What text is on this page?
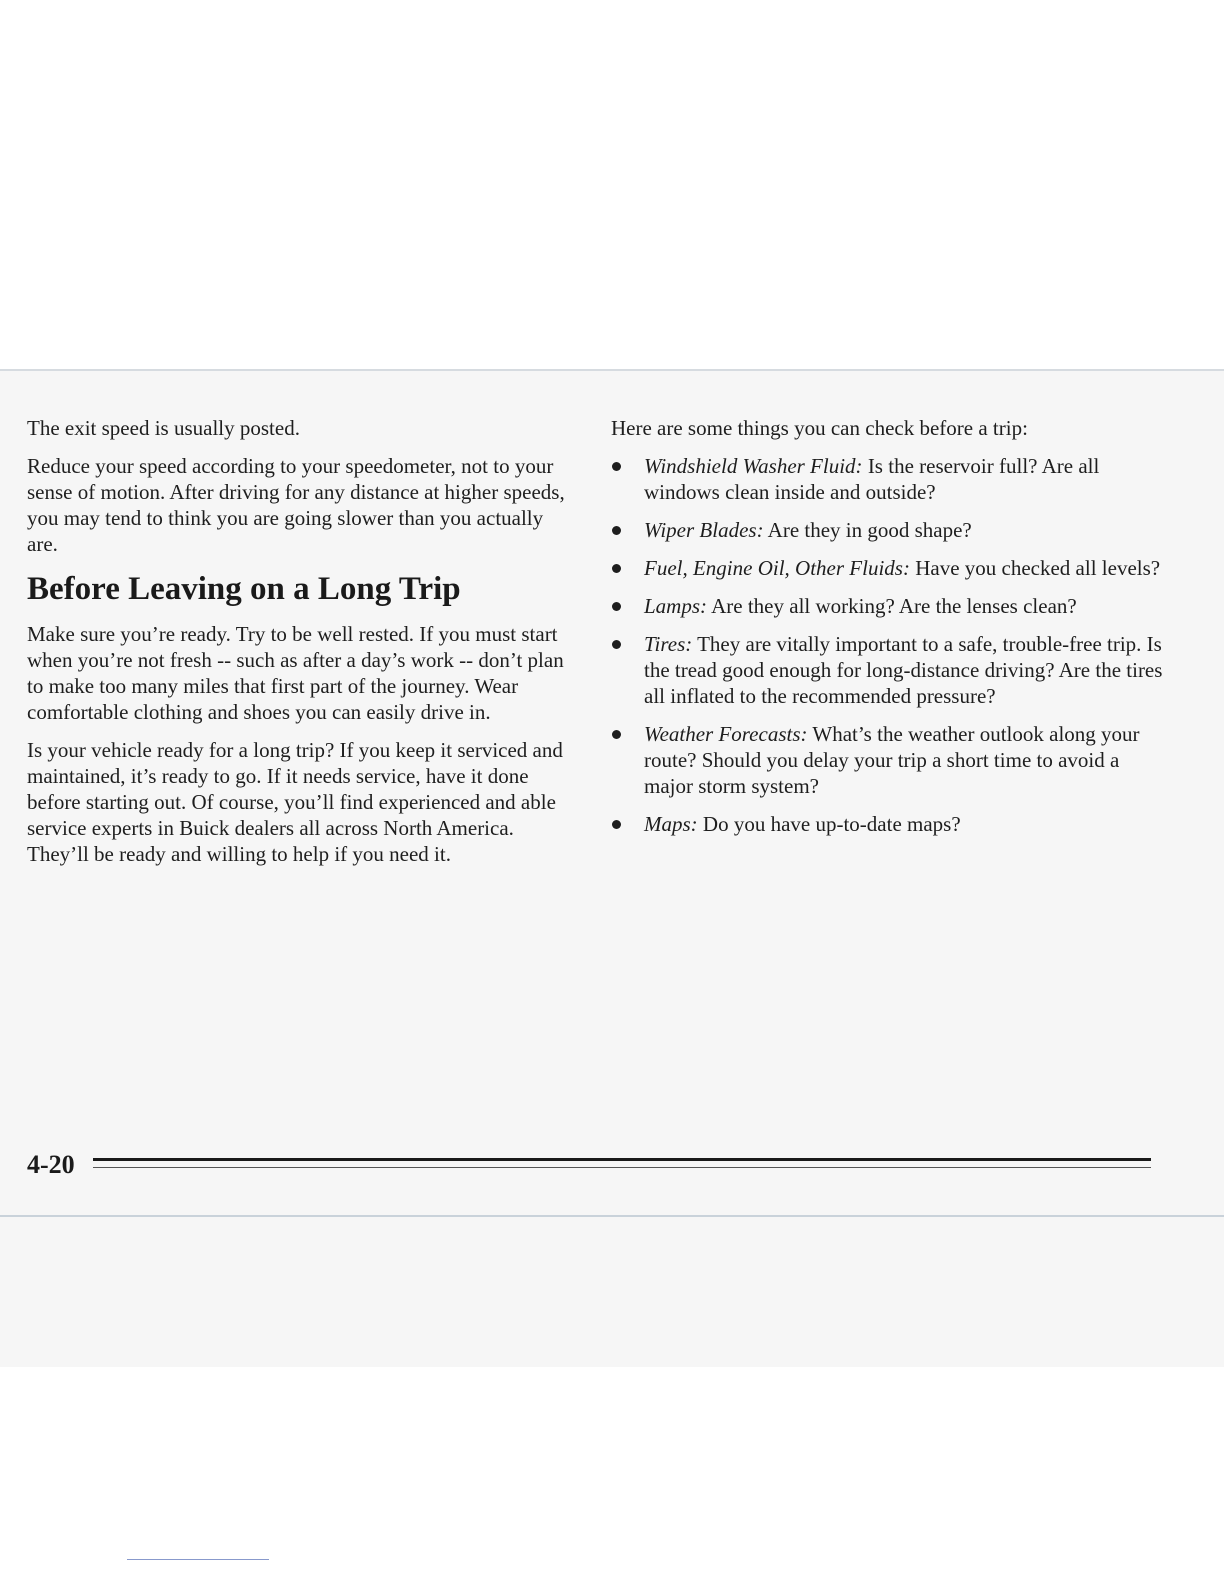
The exit speed is usually posted.

Reduce your speed according to your speedometer, not to your sense of motion. After driving for any distance at higher speeds, you may tend to think you are going slower than you actually are.

Before Leaving on a Long Trip

Make sure you’re ready. Try to be well rested. If you must start when you’re not fresh -- such as after a day’s work -- don’t plan to make too many miles that first part of the journey. Wear comfortable clothing and shoes you can easily drive in.

Is your vehicle ready for a long trip? If you keep it serviced and maintained, it’s ready to go. If it needs service, have it done before starting out. Of course, you’ll find experienced and able service experts in Buick dealers all across North America. They’ll be ready and willing to help if you need it.

Here are some things you can check before a trip:

Windshield Washer Fluid: Is the reservoir full? Are all windows clean inside and outside?
Wiper Blades: Are they in good shape?
Fuel, Engine Oil, Other Fluids: Have you checked all levels?
Lamps: Are they all working? Are the lenses clean?
Tires: They are vitally important to a safe, trouble-free trip. Is the tread good enough for long-distance driving? Are the tires all inflated to the recommended pressure?
Weather Forecasts: What’s the weather outlook along your route? Should you delay your trip a short time to avoid a major storm system?
Maps: Do you have up-to-date maps?
4-20
